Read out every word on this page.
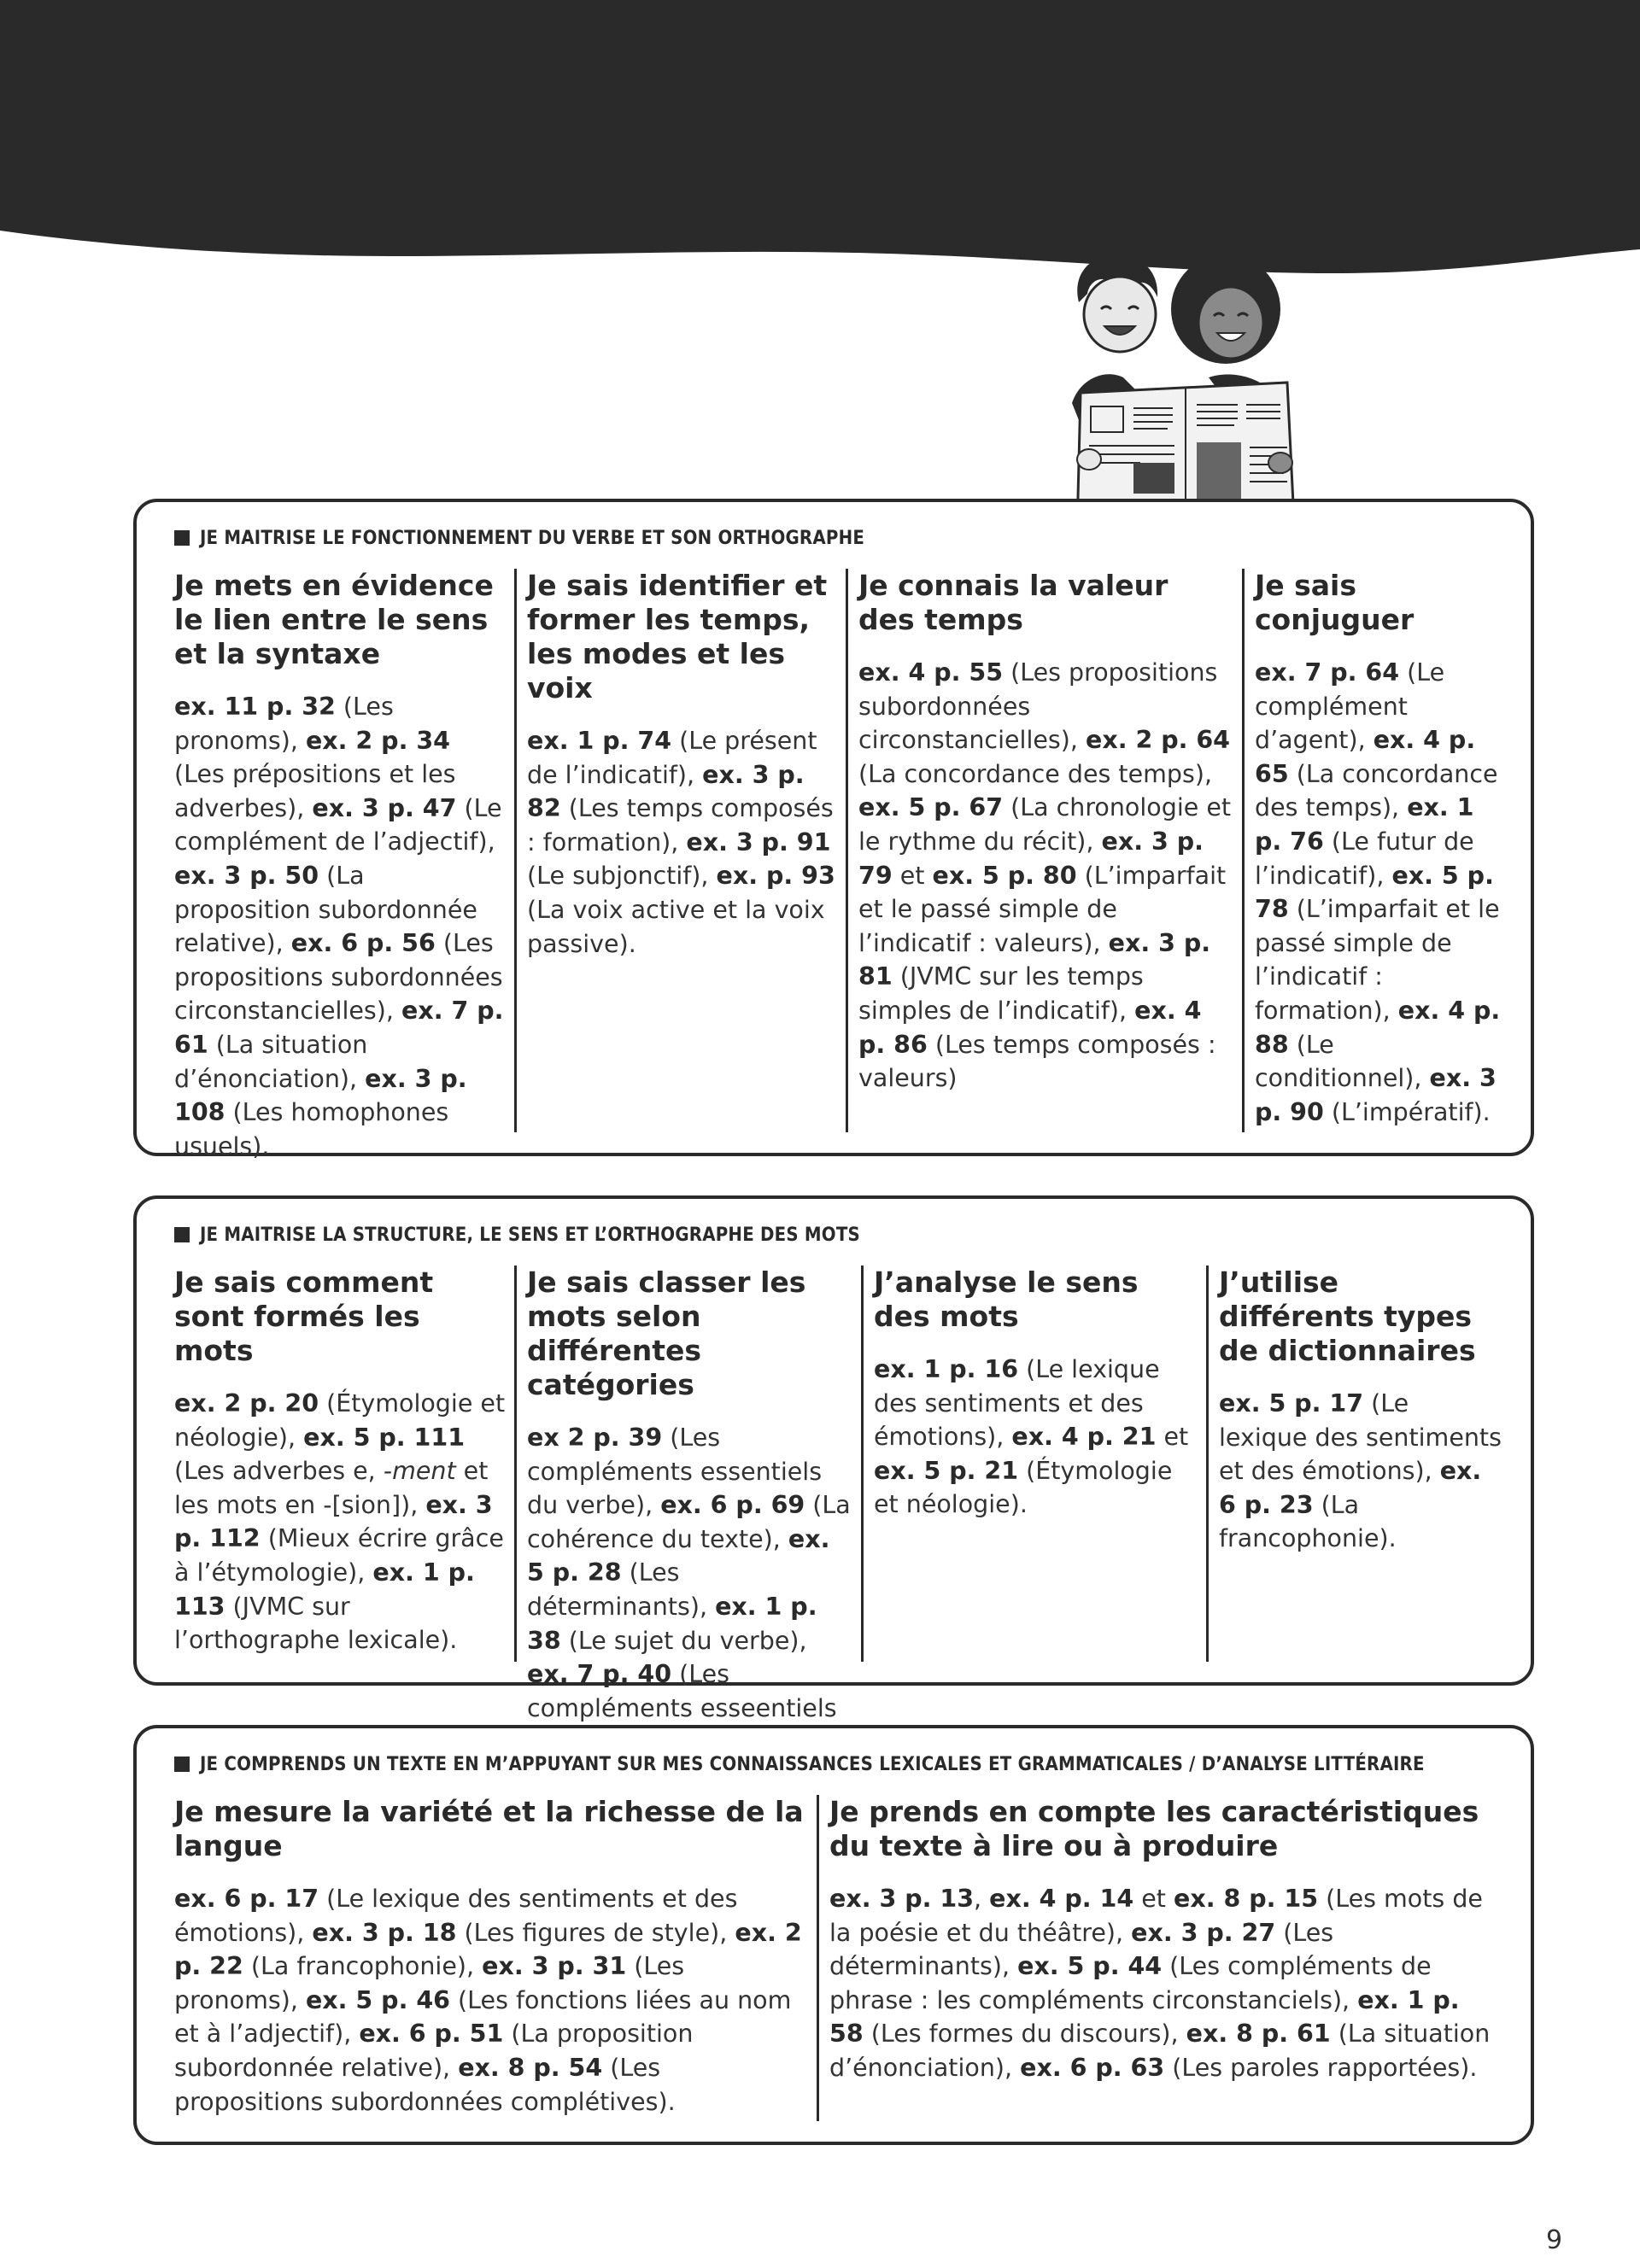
JE MAITRISE LE FONCTIONNEMENT DU VERBE ET SON ORTHOGRAPHE
Je mets en évidence le lien entre le sens et la syntaxe

ex. 11 p. 32 (Les pronoms), ex. 2 p. 34 (Les prépositions et les adverbes), ex. 3 p. 47 (Le complément de l’adjectif), ex. 3 p. 50 (La proposition subordonnée relative), ex. 6 p. 56 (Les propositions subordonnées circonstancielles), ex. 7 p. 61 (La situation d’énonciation), ex. 3 p. 108 (Les homophones usuels).

Je sais identifier et former les temps, les modes et les voix

ex. 1 p. 74 (Le présent de l’indicatif), ex. 3 p. 82 (Les temps composés : formation), ex. 3 p. 91 (Le subjonctif), ex. p. 93 (La voix active et la voix passive).

Je connais la valeur des temps

ex. 4 p. 55 (Les propositions subordonnées circonstancielles), ex. 2 p. 64 (La concordance des temps), ex. 5 p. 67 (La chronologie et le rythme du récit), ex. 3 p. 79 et ex. 5 p. 80 (L’imparfait et le passé simple de l’indicatif : valeurs), ex. 3 p. 81 (JVMC sur les temps simples de l’indicatif), ex. 4 p. 86 (Les temps composés : valeurs)

Je sais conjuguer

ex. 7 p. 64 (Le complément d’agent), ex. 4 p. 65 (La concordance des temps), ex. 1 p. 76 (Le futur de l’indicatif), ex. 5 p. 78 (L’imparfait et le passé simple de l’indicatif : formation), ex. 4 p. 88 (Le conditionnel), ex. 3 p. 90 (L’impératif).

JE MAITRISE LA STRUCTURE, LE SENS ET L’ORTHOGRAPHE DES MOTS
Je sais comment sont formés les mots

ex. 2 p. 20 (Étymologie et néologie), ex. 5 p. 111 (Les adverbes e, -ment et les mots en -[sion]), ex. 3 p. 112 (Mieux écrire grâce à l’étymologie), ex. 1 p. 113 (JVMC sur l’orthographe lexicale).

Je sais classer les mots selon différentes catégories

ex 2 p. 39 (Les compléments essentiels du verbe), ex. 6 p. 69 (La cohérence du texte), ex. 5 p. 28 (Les déterminants), ex. 1 p. 38 (Le sujet du verbe), ex. 7 p. 40 (Les compléments esseentiels

J’analyse le sens des mots

ex. 1 p. 16 (Le lexique des sentiments et des émotions), ex. 4 p. 21 et ex. 5 p. 21 (Étymologie et néologie).

J’utilise différents types de dictionnaires

ex. 5 p. 17 (Le lexique des sentiments et des émotions), ex. 6 p. 23 (La francophonie).

JE COMPRENDS UN TEXTE EN M’APPUYANT SUR MES CONNAISSANCES LEXICALES ET GRAMMATICALES / D’ANALYSE LITTÉRAIRE
Je mesure la variété et la richesse de la langue

ex. 6 p. 17 (Le lexique des sentiments et des émotions), ex. 3 p. 18 (Les figures de style), ex. 2 p. 22 (La francophonie), ex. 3 p. 31 (Les pronoms), ex. 5 p. 46 (Les fonctions liées au nom et à l’adjectif), ex. 6 p. 51 (La proposition subordonnée relative), ex. 8 p. 54 (Les propositions subordonnées complétives).

Je prends en compte les caractéristiques du texte à lire ou à produire

ex. 3 p. 13, ex. 4 p. 14 et ex. 8 p. 15 (Les mots de la poésie et du théâtre), ex. 3 p. 27 (Les déterminants), ex. 5 p. 44 (Les compléments de phrase : les compléments circonstanciels), ex. 1 p. 58 (Les formes du discours), ex. 8 p. 61 (La situation d’énonciation), ex. 6 p. 63 (Les paroles rapportées).

9
